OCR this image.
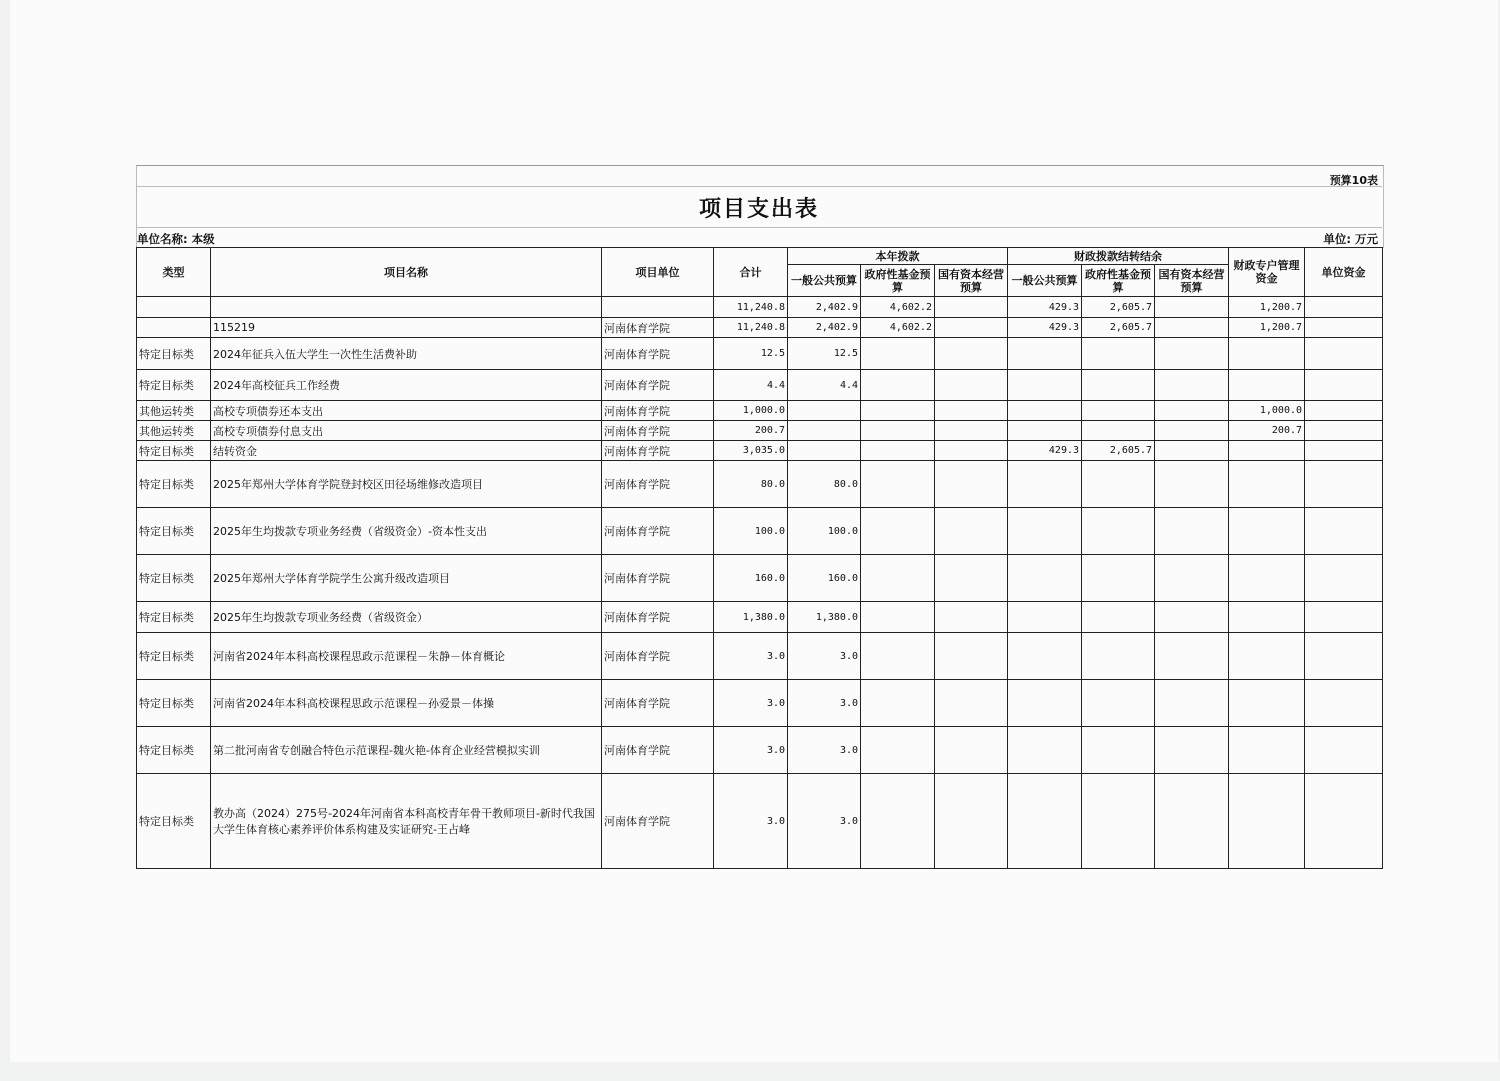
预算10表
项目支出表
单位名称: 本级	单位: 万元
类型	项目名称	项目单位	合计	本年拨款			财政拨款结转结余			财政专户管理资金	单位资金
				一般公共预算	政府性基金预算	国有资本经营预算	一般公共预算	政府性基金预算	国有资本经营预算		
			11,240.8	2,402.9	4,602.2		429.3	2,605.7		1,200.7	
	115219	河南体育学院	11,240.8	2,402.9	4,602.2		429.3	2,605.7		1,200.7	
特定目标类	2024年征兵入伍大学生一次性生活费补助	河南体育学院	12.5	12.5							
特定目标类	2024年高校征兵工作经费	河南体育学院	4.4	4.4							
其他运转类	高校专项债券还本支出	河南体育学院	1,000.0							1,000.0	
其他运转类	高校专项债券付息支出	河南体育学院	200.7							200.7	
特定目标类	结转资金	河南体育学院	3,035.0				429.3	2,605.7			
特定目标类	2025年郑州大学体育学院登封校区田径场维修改造项目	河南体育学院	80.0	80.0							
特定目标类	2025年生均拨款专项业务经费（省级资金）-资本性支出	河南体育学院	100.0	100.0							
特定目标类	2025年郑州大学体育学院学生公寓升级改造项目	河南体育学院	160.0	160.0							
特定目标类	2025年生均拨款专项业务经费（省级资金）	河南体育学院	1,380.0	1,380.0							
特定目标类	河南省2024年本科高校课程思政示范课程－朱静－体育概论	河南体育学院	3.0	3.0							
特定目标类	河南省2024年本科高校课程思政示范课程－孙爱景－体操	河南体育学院	3.0	3.0							
特定目标类	第二批河南省专创融合特色示范课程-魏火艳-体育企业经营模拟实训	河南体育学院	3.0	3.0							
特定目标类	教办高（2024）275号-2024年河南省本科高校青年骨干教师项目-新时代我国大学生体育核心素养评价体系构建及实证研究-王占峰	河南体育学院	3.0	3.0							
